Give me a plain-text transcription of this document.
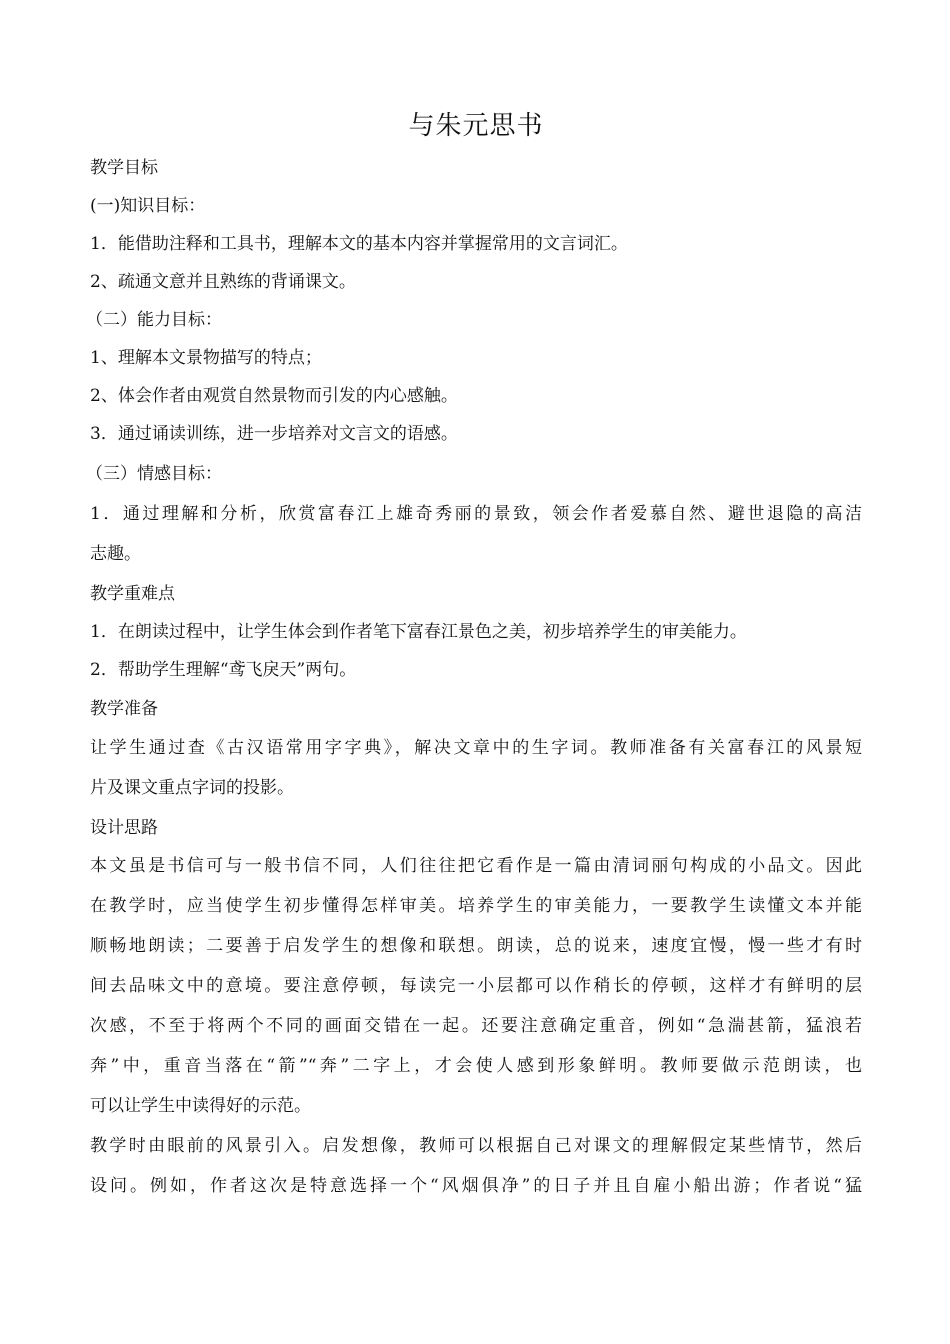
与朱元思书
教学目标
(一)知识目标：
1．能借助注释和工具书，理解本文的基本内容并掌握常用的文言词汇。
2、疏通文意并且熟练的背诵课文。
（二）能力目标：
1、理解本文景物描写的特点；
2、体会作者由观赏自然景物而引发的内心感触。
3．通过诵读训练，进一步培养对文言文的语感。
（三）情感目标：
1．通过理解和分析，欣赏富春江上雄奇秀丽的景致，领会作者爱慕自然、避世退隐的高洁
志趣。
教学重难点
1．在朗读过程中，让学生体会到作者笔下富春江景色之美，初步培养学生的审美能力。
2．帮助学生理解“鸢飞戾天”两句。
教学准备
让学生通过查《古汉语常用字字典》，解决文章中的生字词。教师准备有关富春江的风景短
片及课文重点字词的投影。
设计思路
本文虽是书信可与一般书信不同，人们往往把它看作是一篇由清词丽句构成的小品文。因此
在教学时，应当使学生初步懂得怎样审美。培养学生的审美能力，一要教学生读懂文本并能
顺畅地朗读；二要善于启发学生的想像和联想。朗读，总的说来，速度宜慢，慢一些才有时
间去品味文中的意境。要注意停顿，每读完一小层都可以作稍长的停顿，这样才有鲜明的层
次感，不至于将两个不同的画面交错在一起。还要注意确定重音，例如“急湍甚箭，猛浪若
奔”中，重音当落在“箭”“奔”二字上，才会使人感到形象鲜明。教师要做示范朗读，也
可以让学生中读得好的示范。
教学时由眼前的风景引入。启发想像，教师可以根据自己对课文的理解假定某些情节，然后
设问。例如，作者这次是特意选择一个“风烟俱净”的日子并且自雇小船出游；作者说“猛
